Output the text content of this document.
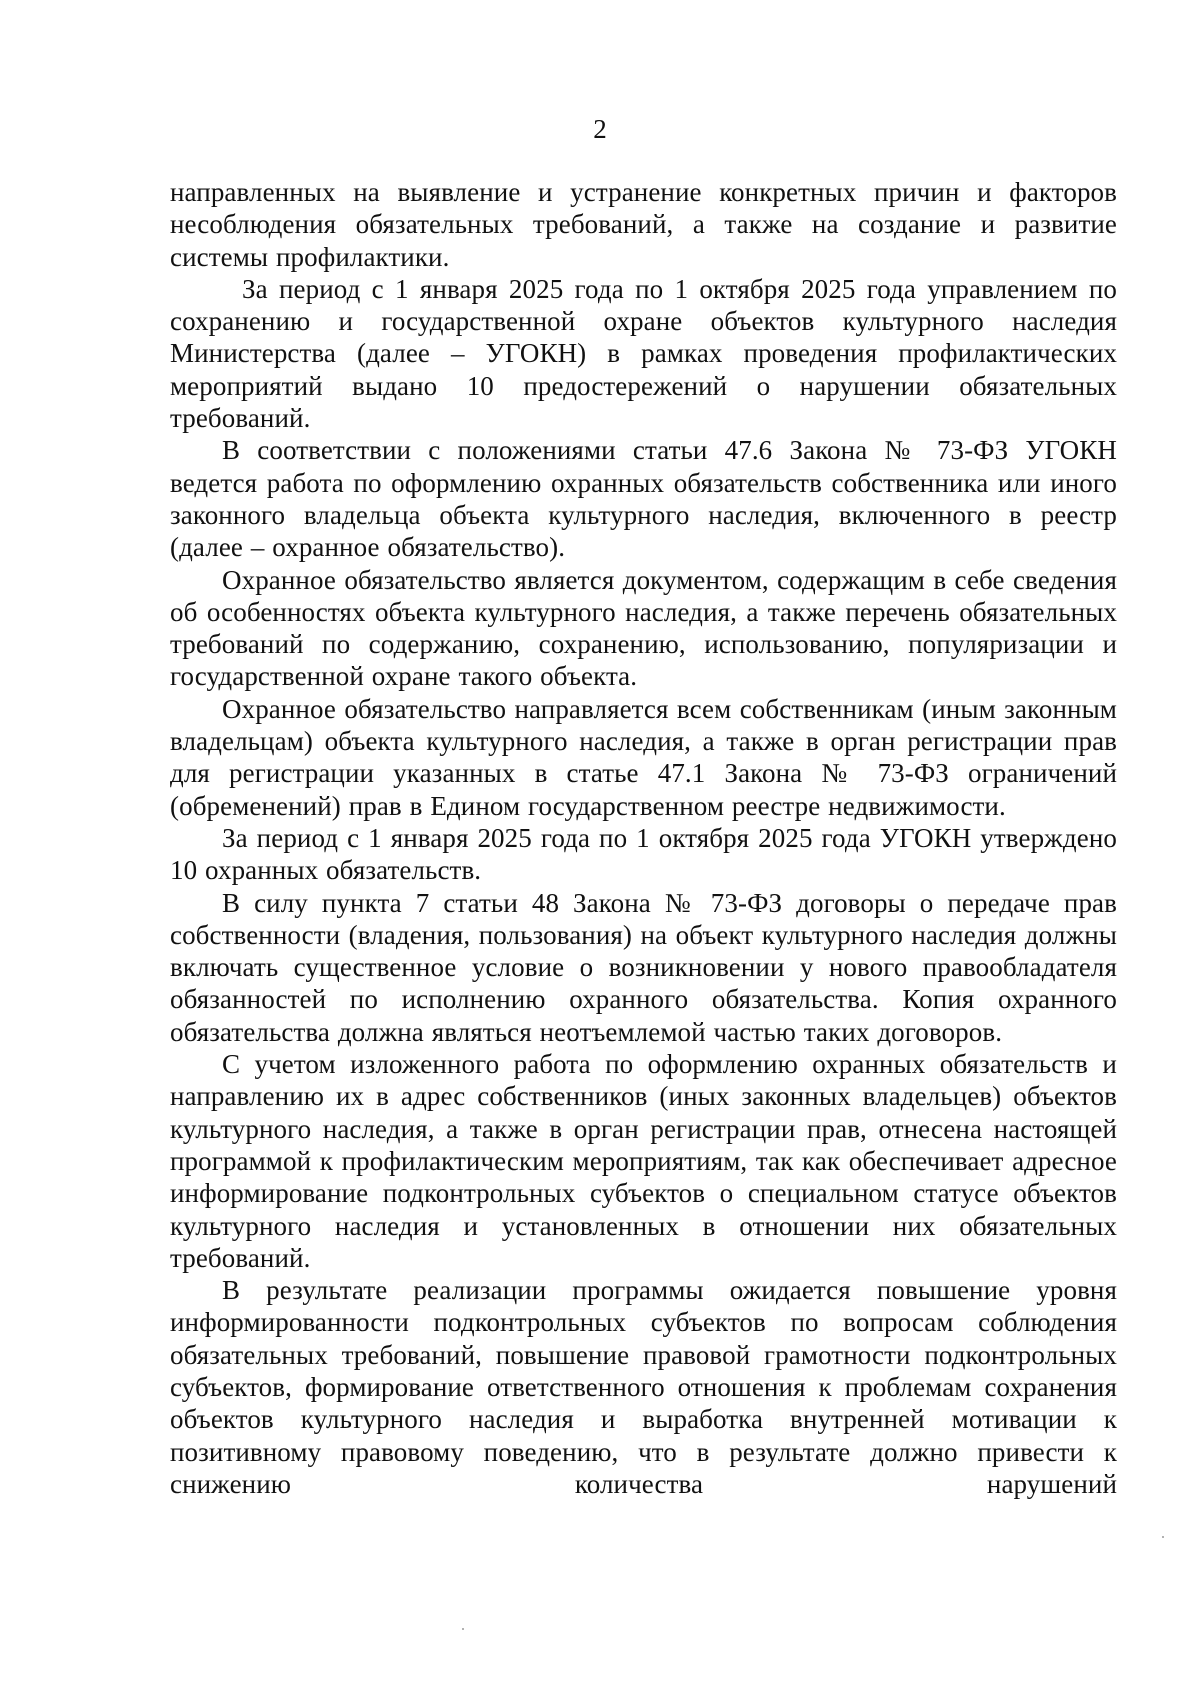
2

направленных на выявление и устранение конкретных причин и факторов несоблюдения обязательных требований, а также на создание и развитие системы профилактики.

За период с 1 января 2025 года по 1 октября 2025 года управлением по сохранению и государственной охране объектов культурного наследия Министерства (далее – УГОКН) в рамках проведения профилактических мероприятий выдано 10 предостережений о нарушении обязательных требований.

В соответствии с положениями статьи 47.6 Закона № 73-ФЗ УГОКН ведется работа по оформлению охранных обязательств собственника или иного законного владельца объекта культурного наследия, включенного в реестр (далее – охранное обязательство).

Охранное обязательство является документом, содержащим в себе сведения об особенностях объекта культурного наследия, а также перечень обязательных требований по содержанию, сохранению, использованию, популяризации и государственной охране такого объекта.

Охранное обязательство направляется всем собственникам (иным законным владельцам) объекта культурного наследия, а также в орган регистрации прав для регистрации указанных в статье 47.1 Закона № 73-ФЗ ограничений (обременений) прав в Едином государственном реестре недвижимости.

За период с 1 января 2025 года по 1 октября 2025 года УГОКН утверждено 10 охранных обязательств.

В силу пункта 7 статьи 48 Закона № 73-ФЗ договоры о передаче прав собственности (владения, пользования) на объект культурного наследия должны включать существенное условие о возникновении у нового правообладателя обязанностей по исполнению охранного обязательства. Копия охранного обязательства должна являться неотъемлемой частью таких договоров.

С учетом изложенного работа по оформлению охранных обязательств и направлению их в адрес собственников (иных законных владельцев) объектов культурного наследия, а также в орган регистрации прав, отнесена настоящей программой к профилактическим мероприятиям, так как обеспечивает адресное информирование подконтрольных субъектов о специальном статусе объектов культурного наследия и установленных в отношении них обязательных требований.

В результате реализации программы ожидается повышение уровня информированности подконтрольных субъектов по вопросам соблюдения обязательных требований, повышение правовой грамотности подконтрольных субъектов, формирование ответственного отношения к проблемам сохранения объектов культурного наследия и выработка внутренней мотивации к позитивному правовому поведению, что в результате должно привести к снижению количества нарушений
